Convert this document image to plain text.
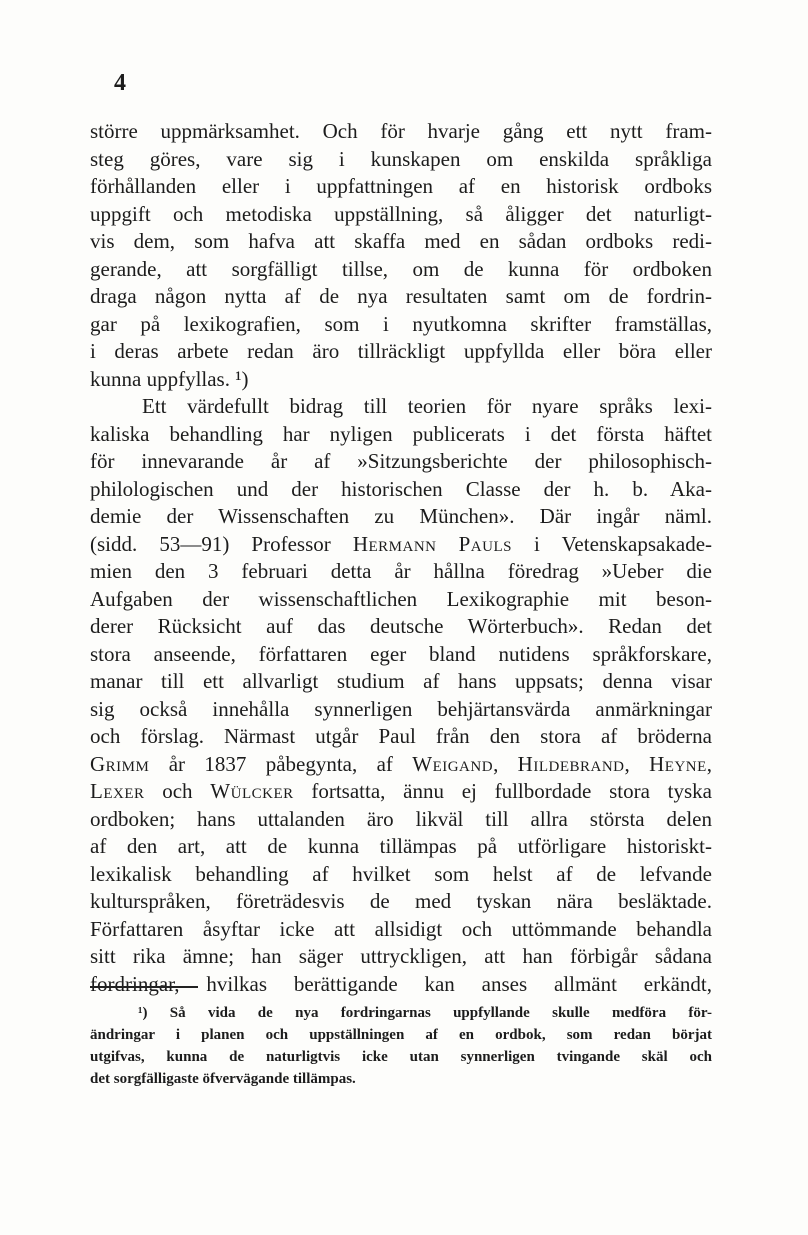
4
större uppmärksamhet. Och för hvarje gång ett nytt fram-
steg göres, vare sig i kunskapen om enskilda språkliga
förhållanden eller i uppfattningen af en historisk ordboks
uppgift och metodiska uppställning, så åligger det naturligt-
vis dem, som hafva att skaffa med en sådan ordboks redi-
gerande, att sorgfälligt tillse, om de kunna för ordboken
draga någon nytta af de nya resultaten samt om de fordrin-
gar på lexikografien, som i nyutkomna skrifter framställas,
i deras arbete redan äro tillräckligt uppfyllda eller böra eller
kunna uppfyllas. ¹)
Ett värdefullt bidrag till teorien för nyare språks lexi-
kaliska behandling har nyligen publicerats i det första häftet
för innevarande år af »Sitzungsberichte der philosophisch-
philologischen und der historischen Classe der h. b. Aka-
demie der Wissenschaften zu München». Där ingår näml.
(sidd. 53—91) Professor Hermann Pauls i Vetenskapsakade-
mien den 3 februari detta år hållna föredrag »Ueber die
Aufgaben der wissenschaftlichen Lexikographie mit beson-
derer Rücksicht auf das deutsche Wörterbuch». Redan det
stora anseende, författaren eger bland nutidens språkforskare,
manar till ett allvarligt studium af hans uppsats; denna visar
sig också innehålla synnerligen behjärtansvärda anmärkningar
och förslag. Närmast utgår Paul från den stora af bröderna
Grimm år 1837 påbegynta, af Weigand, Hildebrand, Heyne,
Lexer och Wülcker fortsatta, ännu ej fullbordade stora tyska
ordboken; hans uttalanden äro likväl till allra största delen
af den art, att de kunna tillämpas på utförligare historiskt-
lexikalisk behandling af hvilket som helst af de lefvande
kulturspråken, företrädesvis de med tyskan nära besläktade.
Författaren åsyftar icke att allsidigt och uttömmande behandla
sitt rika ämne; han säger uttryckligen, att han förbigår sådana
fordringar, hvilkas berättigande kan anses allmänt erkändt,
¹) Så vida de nya fordringarnas uppfyllande skulle medföra för-
ändringar i planen och uppställningen af en ordbok, som redan börjat
utgifvas, kunna de naturligtvis icke utan synnerligen tvingande skäl och
det sorgfälligaste öfvervägande tillämpas.
